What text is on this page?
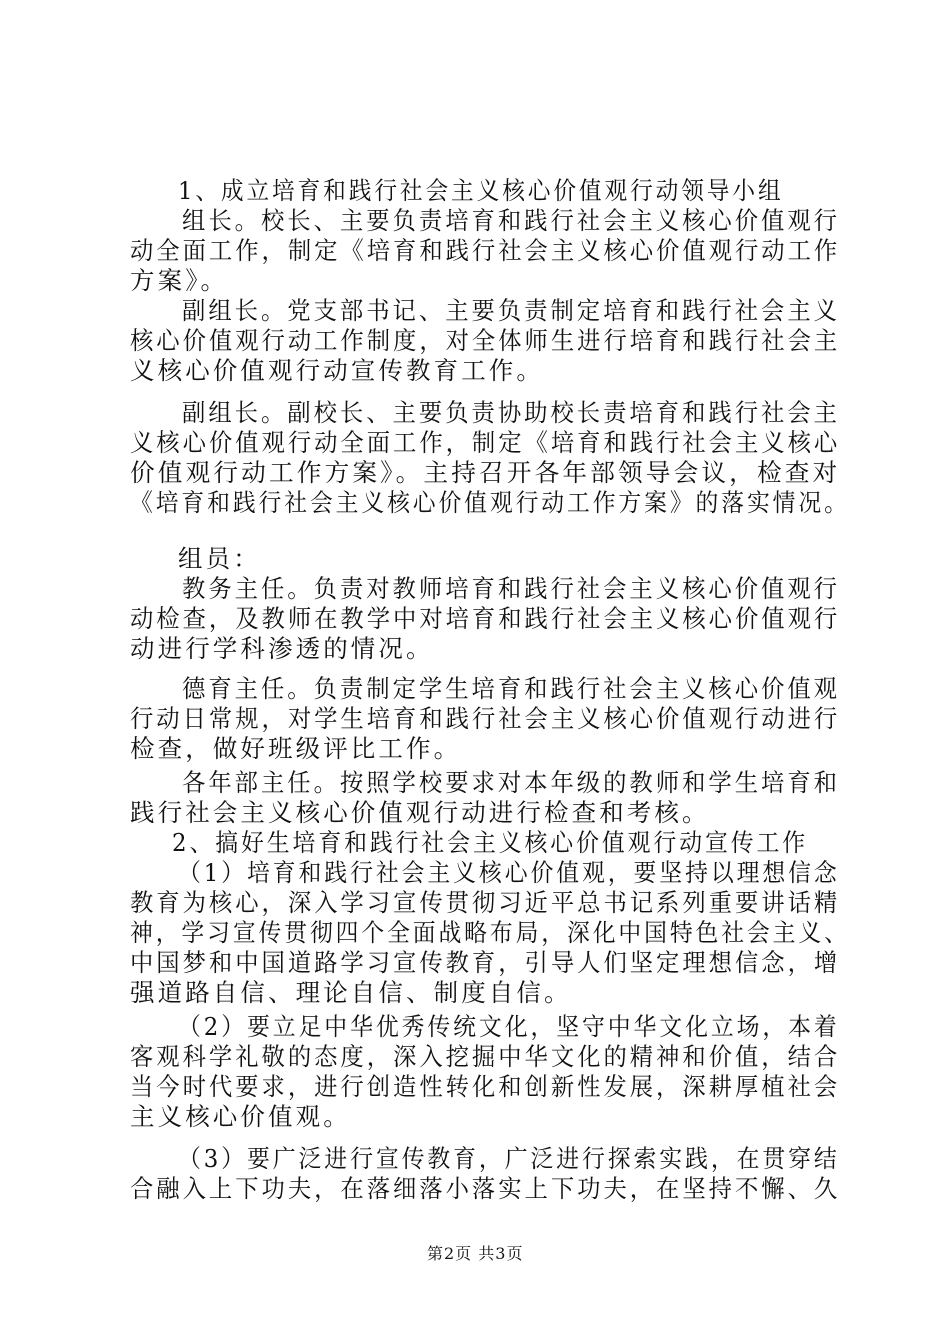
1、成立培育和践行社会主义核心价值观行动领导小组

组长。校长、主要负责培育和践行社会主义核心价值观行

动全面工作，制定《培育和践行社会主义核心价值观行动工作

方案》。

副组长。党支部书记、主要负责制定培育和践行社会主义

核心价值观行动工作制度，对全体师生进行培育和践行社会主

义核心价值观行动宣传教育工作。

副组长。副校长、主要负责协助校长责培育和践行社会主

义核心价值观行动全面工作，制定《培育和践行社会主义核心

价值观行动工作方案》。主持召开各年部领导会议，检查对

《培育和践行社会主义核心价值观行动工作方案》的落实情况。

组员：

教务主任。负责对教师培育和践行社会主义核心价值观行

动检查，及教师在教学中对培育和践行社会主义核心价值观行

动进行学科渗透的情况。

德育主任。负责制定学生培育和践行社会主义核心价值观

行动日常规，对学生培育和践行社会主义核心价值观行动进行

检查，做好班级评比工作。

各年部主任。按照学校要求对本年级的教师和学生培育和

践行社会主义核心价值观行动进行检查和考核。

2、搞好生培育和践行社会主义核心价值观行动宣传工作

（1）培育和践行社会主义核心价值观，要坚持以理想信念

教育为核心，深入学习宣传贯彻习近平总书记系列重要讲话精

神，学习宣传贯彻四个全面战略布局，深化中国特色社会主义、

中国梦和中国道路学习宣传教育，引导人们坚定理想信念，增

强道路自信、理论自信、制度自信。

（2）要立足中华优秀传统文化，坚守中华文化立场，本着

客观科学礼敬的态度，深入挖掘中华文化的精神和价值，结合

当今时代要求，进行创造性转化和创新性发展，深耕厚植社会

主义核心价值观。

（3）要广泛进行宣传教育，广泛进行探索实践，在贯穿结

合融入上下功夫，在落细落小落实上下功夫，在坚持不懈、久

第2页 共3页
